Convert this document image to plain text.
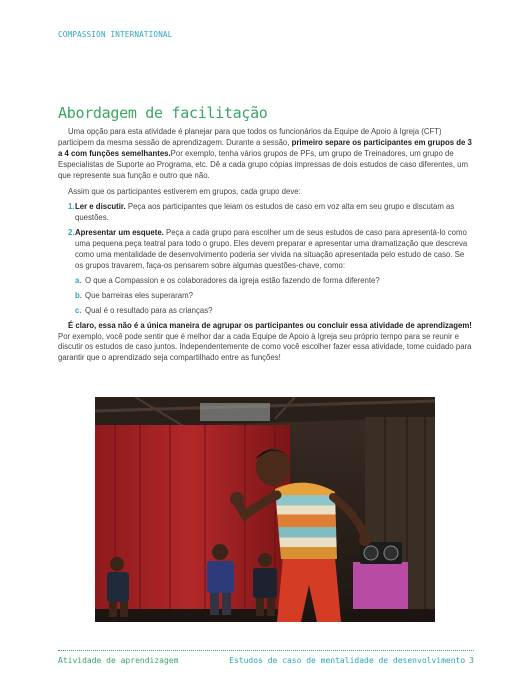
COMPASSION INTERNATIONAL
Abordagem de facilitação

Uma opção para esta atividade é planejar para que todos os funcionários da Equipe de Apoio à Igreja (CFT) participem da mesma sessão de aprendizagem. Durante a sessão, primeiro separe os participantes em grupos de 3 a 4 com funções semelhantes.Por exemplo, tenha vários grupos de PFs, um grupo de Treinadores, um grupo de Especialistas de Suporte ao Programa, etc. Dê a cada grupo cópias impressas de dois estudos de caso diferentes, um que represente sua função e outro que não.

Assim que os participantes estiverem em grupos, cada grupo deve:

1. Ler e discutir. Peça aos participantes que leiam os estudos de caso em voz alta em seu grupo e discutam as questões.
2. Apresentar um esquete. Peça a cada grupo para escolher um de seus estudos de caso para apresentá-lo como uma pequena peça teatral para todo o grupo. Eles devem preparar e apresentar uma dramatização que descreva como uma mentalidade de desenvolvimento poderia ser vivida na situação apresentada pelo estudo de caso. Se os grupos travarem, faça-os pensarem sobre algumas questões-chave, como:
a. O que a Compassion e os colaboradores da igreja estão fazendo de forma diferente?
b. Que barreiras eles superaram?
c. Qual é o resultado para as crianças?

É claro, essa não é a única maneira de agrupar os participantes ou concluir essa atividade de aprendizagem! Por exemplo, você pode sentir que é melhor dar a cada Equipe de Apoio à Igreja seu próprio tempo para se reunir e discutir os estudos de caso juntos. Independentemente de como você escolher fazer essa atividade, tome cuidado para garantir que o aprendizado seja compartilhado entre as funções!

Atividade de aprendizagem	Estudos de caso de mentalidade de desenvolvimento 3
